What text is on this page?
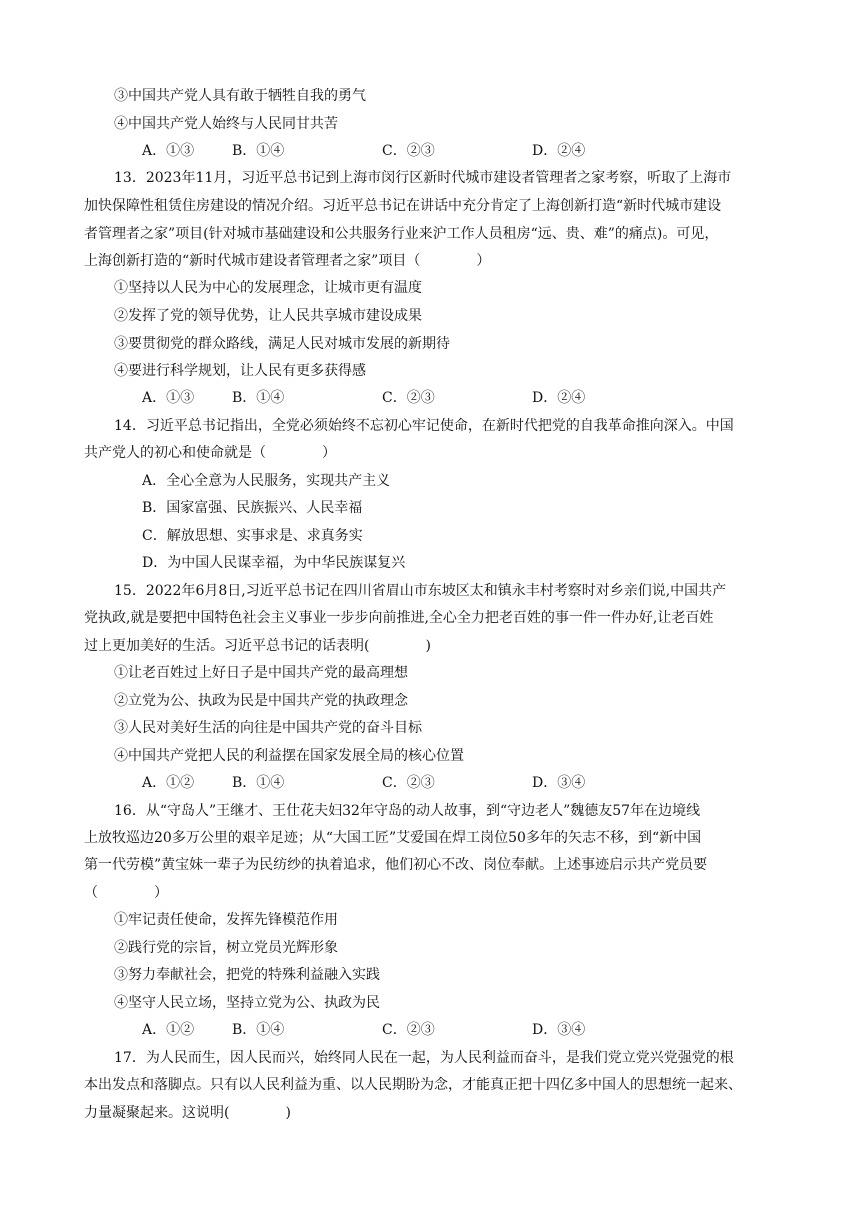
③中国共产党人具有敢于牺牲自我的勇气
④中国共产党人始终与人民同甘共苦
A．①③	B．①④	C．②③	D．②④
13．2023年11月，习近平总书记到上海市闵行区新时代城市建设者管理者之家考察，听取了上海市
加快保障性租赁住房建设的情况介绍。习近平总书记在讲话中充分肯定了上海创新打造“新时代城市建设
者管理者之家”项目(针对城市基础建设和公共服务行业来沪工作人员租房“远、贵、难”的痛点)。可见，
上海创新打造的“新时代城市建设者管理者之家”项目（　　　　）
①坚持以人民为中心的发展理念，让城市更有温度
②发挥了党的领导优势，让人民共享城市建设成果
③要贯彻党的群众路线，满足人民对城市发展的新期待
④要进行科学规划，让人民有更多获得感
A．①③	B．①④	C．②③	D．②④
14．习近平总书记指出，全党必须始终不忘初心牢记使命，在新时代把党的自我革命推向深入。中国
共产党人的初心和使命就是（　　　　）
A．全心全意为人民服务，实现共产主义
B．国家富强、民族振兴、人民幸福
C．解放思想、实事求是、求真务实
D．为中国人民谋幸福，为中华民族谋复兴
15．2022年6月8日,习近平总书记在四川省眉山市东坡区太和镇永丰村考察时对乡亲们说,中国共产
党执政,就是要把中国特色社会主义事业一步步向前推进,全心全力把老百姓的事一件一件办好,让老百姓
过上更加美好的生活。习近平总书记的话表明(　　　　)
①让老百姓过上好日子是中国共产党的最高理想
②立党为公、执政为民是中国共产党的执政理念
③人民对美好生活的向往是中国共产党的奋斗目标
④中国共产党把人民的利益摆在国家发展全局的核心位置
A．①②	B．①④	C．②③	D．③④
16．从“守岛人”王继才、王仕花夫妇32年守岛的动人故事，到“守边老人”魏德友57年在边境线
上放牧巡边20多万公里的艰辛足迹；从“大国工匠”艾爱国在焊工岗位50多年的矢志不移，到“新中国
第一代劳模”黄宝妹一辈子为民纺纱的执着追求，他们初心不改、岗位奉献。上述事迹启示共产党员要
（　　　　）
①牢记责任使命，发挥先锋模范作用
②践行党的宗旨，树立党员光辉形象
③努力奉献社会，把党的特殊利益融入实践
④坚守人民立场，坚持立党为公、执政为民
A．①②	B．①④	C．②③	D．③④
17．为人民而生，因人民而兴，始终同人民在一起，为人民利益而奋斗，是我们党立党兴党强党的根
本出发点和落脚点。只有以人民利益为重、以人民期盼为念，才能真正把十四亿多中国人的思想统一起来、
力量凝聚起来。这说明(　　　　)
